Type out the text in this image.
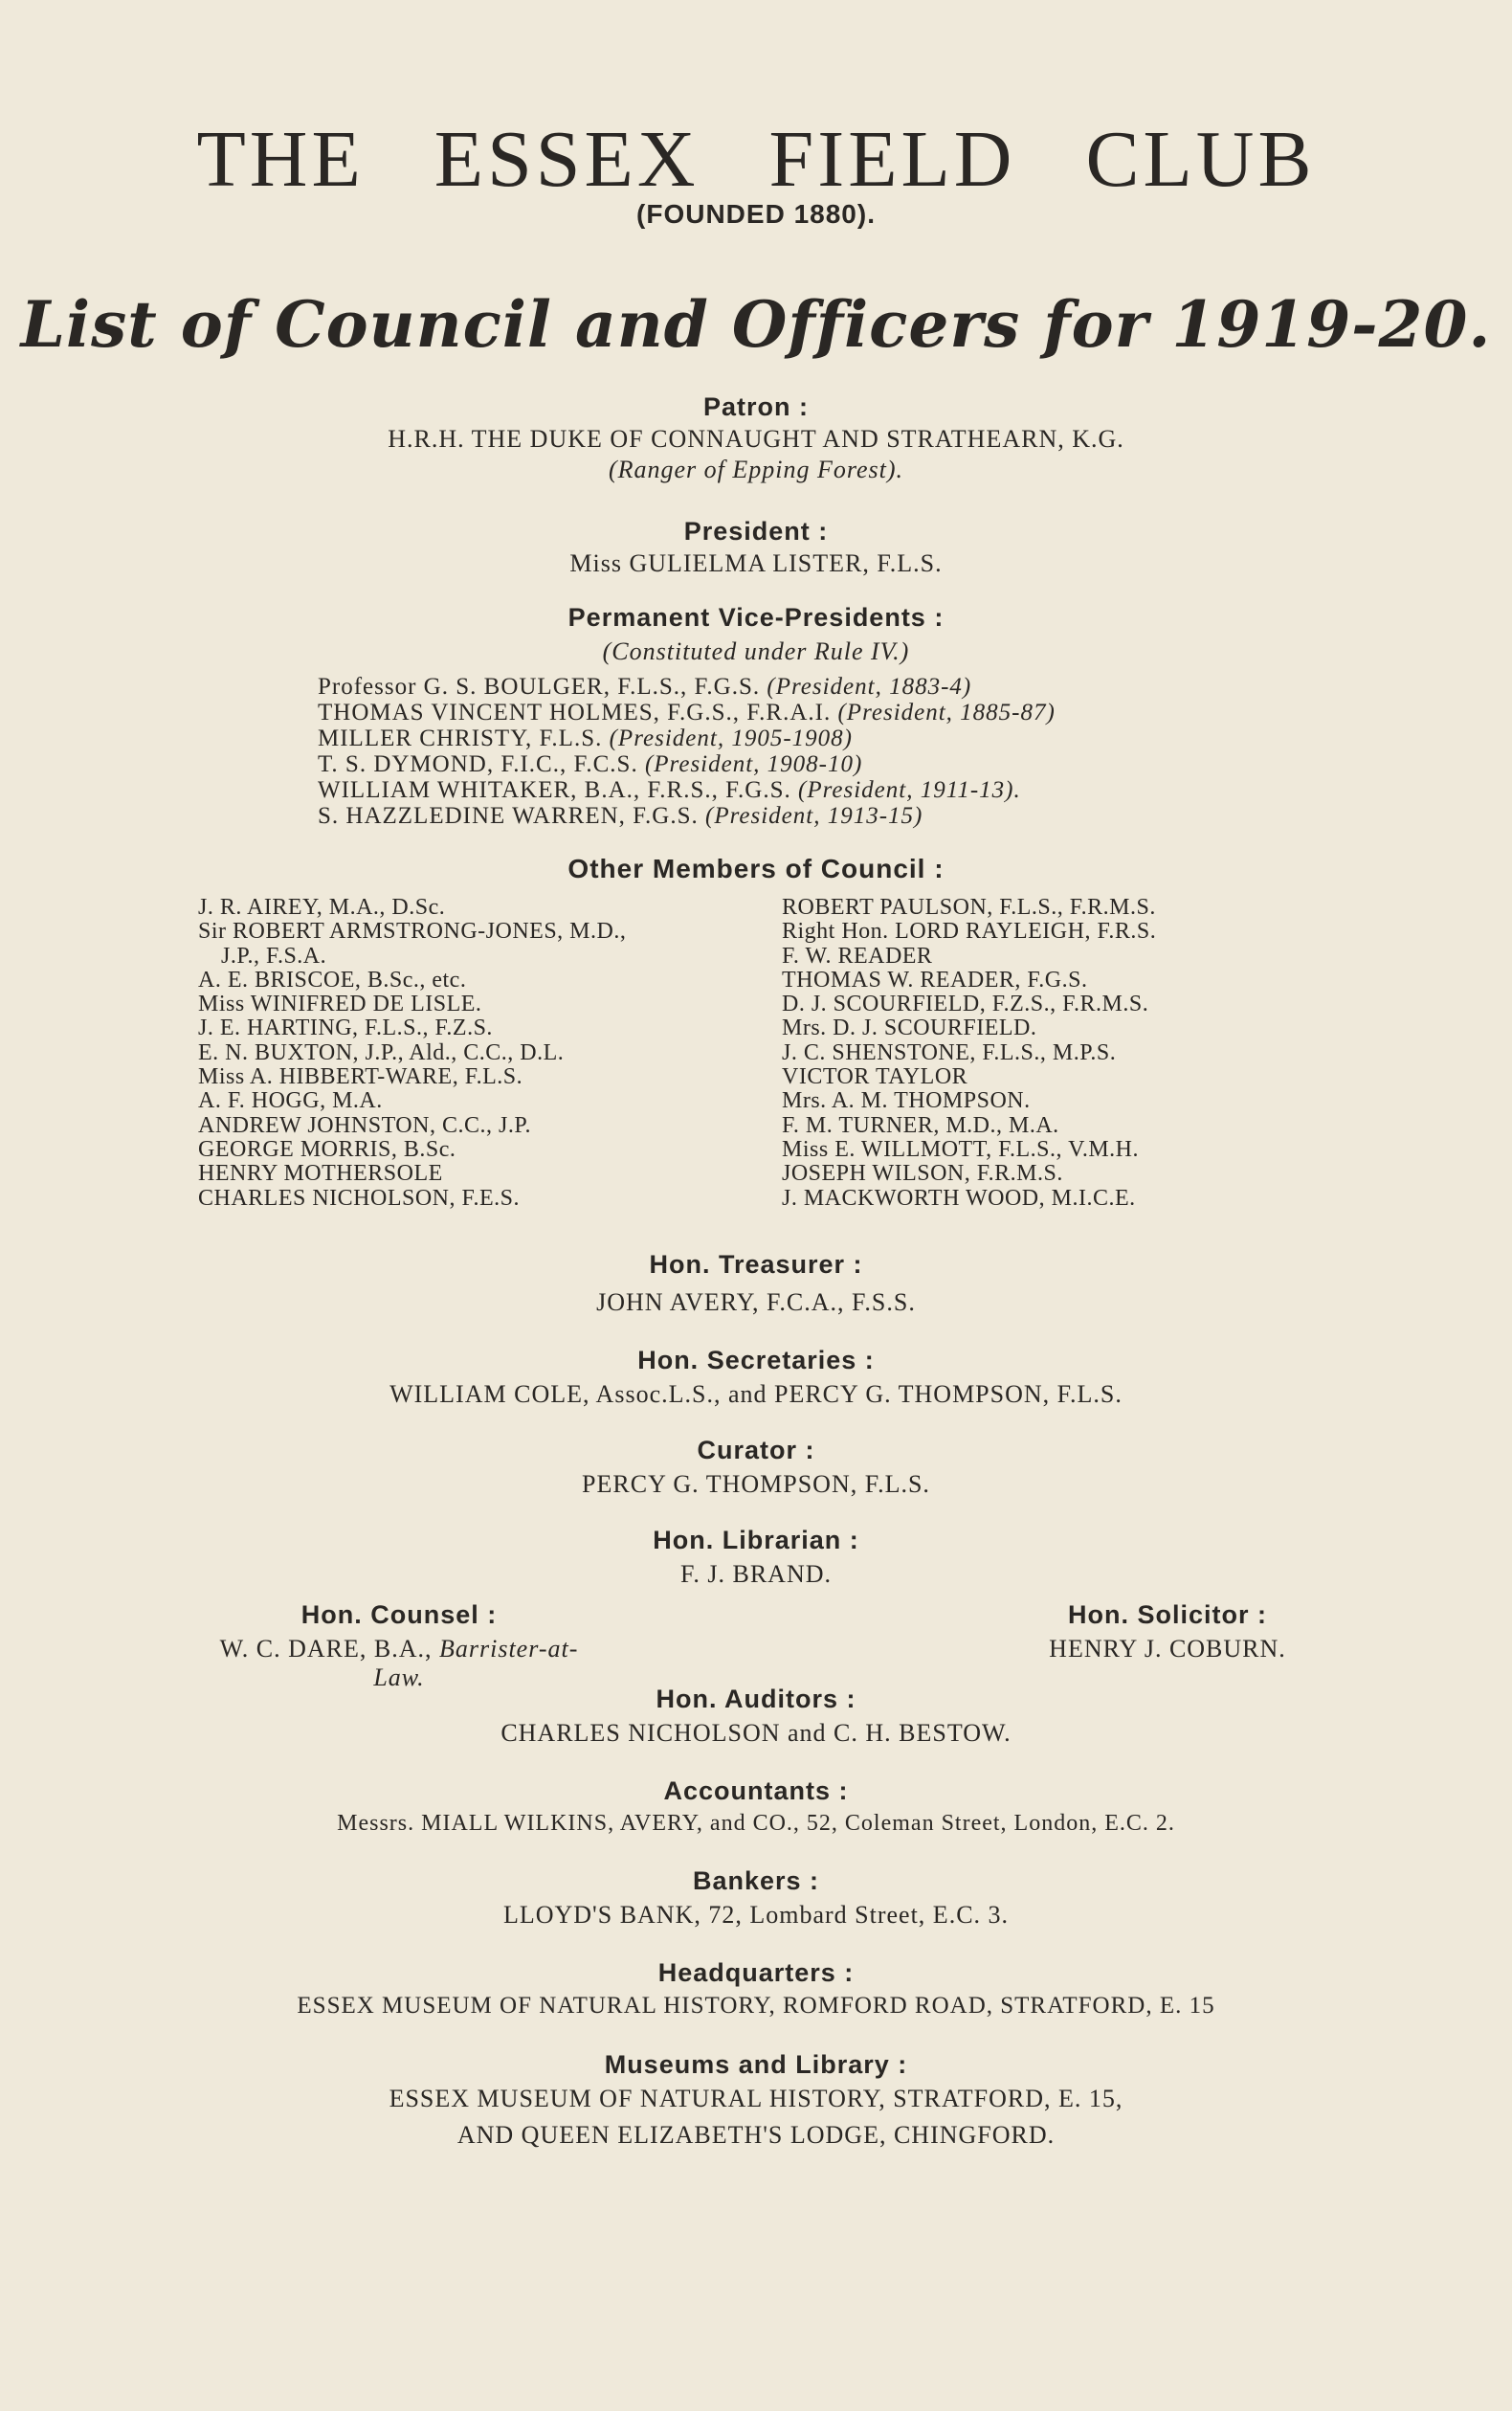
THE ESSEX FIELD CLUB
(FOUNDED 1880).
List of Council and Officers for 1919-20.
Patron :
H.R.H. THE DUKE OF CONNAUGHT AND STRATHEARN, K.G.
(Ranger of Epping Forest).
President :
Miss GULIELMA LISTER, F.L.S.
Permanent Vice-Presidents :
(Constituted under Rule IV.)
Professor G. S. BOULGER, F.L.S., F.G.S. (President, 1883-4)
THOMAS VINCENT HOLMES, F.G.S., F.R.A.I. (President, 1885-87)
MILLER CHRISTY, F.L.S. (President, 1905-1908)
T. S. DYMOND, F.I.C., F.C.S. (President, 1908-10)
WILLIAM WHITAKER, B.A., F.R.S., F.G.S. (President, 1911-13).
S. HAZZLEDINE WARREN, F.G.S. (President, 1913-15)
Other Members of Council :
J. R. AIREY, M.A., D.Sc.
Sir ROBERT ARMSTRONG-JONES, M.D.,
J.P., F.S.A.
A. E. BRISCOE, B.Sc., etc.
Miss WINIFRED DE LISLE.
J. E. HARTING, F.L.S., F.Z.S.
E. N. BUXTON, J.P., Ald., C.C., D.L.
Miss A. HIBBERT-WARE, F.L.S.
A. F. HOGG, M.A.
ANDREW JOHNSTON, C.C., J.P.
GEORGE MORRIS, B.Sc.
HENRY MOTHERSOLE
CHARLES NICHOLSON, F.E.S.
ROBERT PAULSON, F.L.S., F.R.M.S.
Right Hon. LORD RAYLEIGH, F.R.S.
F. W. READER
THOMAS W. READER, F.G.S.
D. J. SCOURFIELD, F.Z.S., F.R.M.S.
Mrs. D. J. SCOURFIELD.
J. C. SHENSTONE, F.L.S., M.P.S.
VICTOR TAYLOR
Mrs. A. M. THOMPSON.
F. M. TURNER, M.D., M.A.
Miss E. WILLMOTT, F.L.S., V.M.H.
JOSEPH WILSON, F.R.M.S.
J. MACKWORTH WOOD, M.I.C.E.
Hon. Treasurer :
JOHN AVERY, F.C.A., F.S.S.
Hon. Secretaries :
WILLIAM COLE, Assoc.L.S., and PERCY G. THOMPSON, F.L.S.
Curator :
PERCY G. THOMPSON, F.L.S.
Hon. Librarian :
F. J. BRAND.
Hon. Counsel :
W. C. DARE, B.A., Barrister-at-Law.
Hon. Solicitor :
HENRY J. COBURN.
Hon. Auditors :
CHARLES NICHOLSON and C. H. BESTOW.
Accountants :
Messrs. MIALL WILKINS, AVERY, and CO., 52, Coleman Street, London, E.C. 2.
Bankers :
LLOYD'S BANK, 72, Lombard Street, E.C. 3.
Headquarters :
ESSEX MUSEUM OF NATURAL HISTORY, ROMFORD ROAD, STRATFORD, E. 15
Museums and Library :
ESSEX MUSEUM OF NATURAL HISTORY, STRATFORD, E. 15,
AND QUEEN ELIZABETH'S LODGE, CHINGFORD.
